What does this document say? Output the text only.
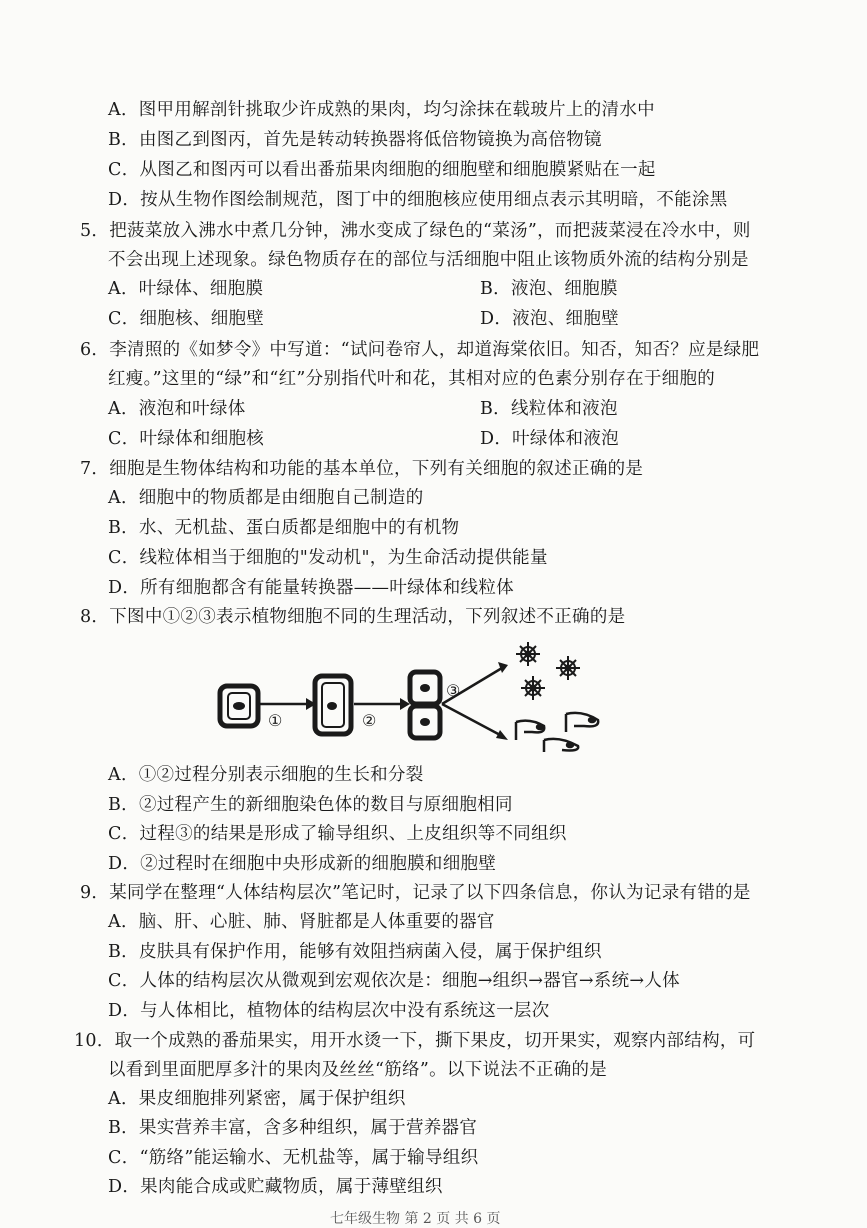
A．图甲用解剖针挑取少许成熟的果肉，均匀涂抹在载玻片上的清水中
B．由图乙到图丙，首先是转动转换器将低倍物镜换为高倍物镜
C．从图乙和图丙可以看出番茄果肉细胞的细胞壁和细胞膜紧贴在一起
D．按从生物作图绘制规范，图丁中的细胞核应使用细点表示其明暗，不能涂黑
5．把菠菜放入沸水中煮几分钟，沸水变成了绿色的“菜汤”，而把菠菜浸在冷水中，则
不会出现上述现象。绿色物质存在的部位与活细胞中阻止该物质外流的结构分别是
A．叶绿体、细胞膜	B．液泡、细胞膜
C．细胞核、细胞壁	D．液泡、细胞壁
6．李清照的《如梦令》中写道：“试问卷帘人，却道海棠依旧。知否，知否？应是绿肥
红瘦。”这里的“绿”和“红”分别指代叶和花，其相对应的色素分别存在于细胞的
A．液泡和叶绿体	B．线粒体和液泡
C．叶绿体和细胞核	D．叶绿体和液泡
7．细胞是生物体结构和功能的基本单位，下列有关细胞的叙述正确的是
A．细胞中的物质都是由细胞自己制造的
B．水、无机盐、蛋白质都是细胞中的有机物
C．线粒体相当于细胞的"发动机"，为生命活动提供能量
D．所有细胞都含有能量转换器——叶绿体和线粒体
8．下图中①②③表示植物细胞不同的生理活动，下列叙述不正确的是
①	②
③
A．①②过程分别表示细胞的生长和分裂
B．②过程产生的新细胞染色体的数目与原细胞相同
C．过程③的结果是形成了输导组织、上皮组织等不同组织
D．②过程时在细胞中央形成新的细胞膜和细胞壁
9．某同学在整理“人体结构层次”笔记时，记录了以下四条信息，你认为记录有错的是
A．脑、肝、心脏、肺、肾脏都是人体重要的器官
B．皮肤具有保护作用，能够有效阻挡病菌入侵，属于保护组织
C．人体的结构层次从微观到宏观依次是：细胞→组织→器官→系统→人体
D．与人体相比，植物体的结构层次中没有系统这一层次
10．取一个成熟的番茄果实，用开水烫一下，撕下果皮，切开果实，观察内部结构，可
以看到里面肥厚多汁的果肉及丝丝“筋络”。以下说法不正确的是
A．果皮细胞排列紧密，属于保护组织
B．果实营养丰富，含多种组织，属于营养器官
C．“筋络”能运输水、无机盐等，属于输导组织
D．果肉能合成或贮藏物质，属于薄壁组织
七年级生物 第 2 页 共 6 页
